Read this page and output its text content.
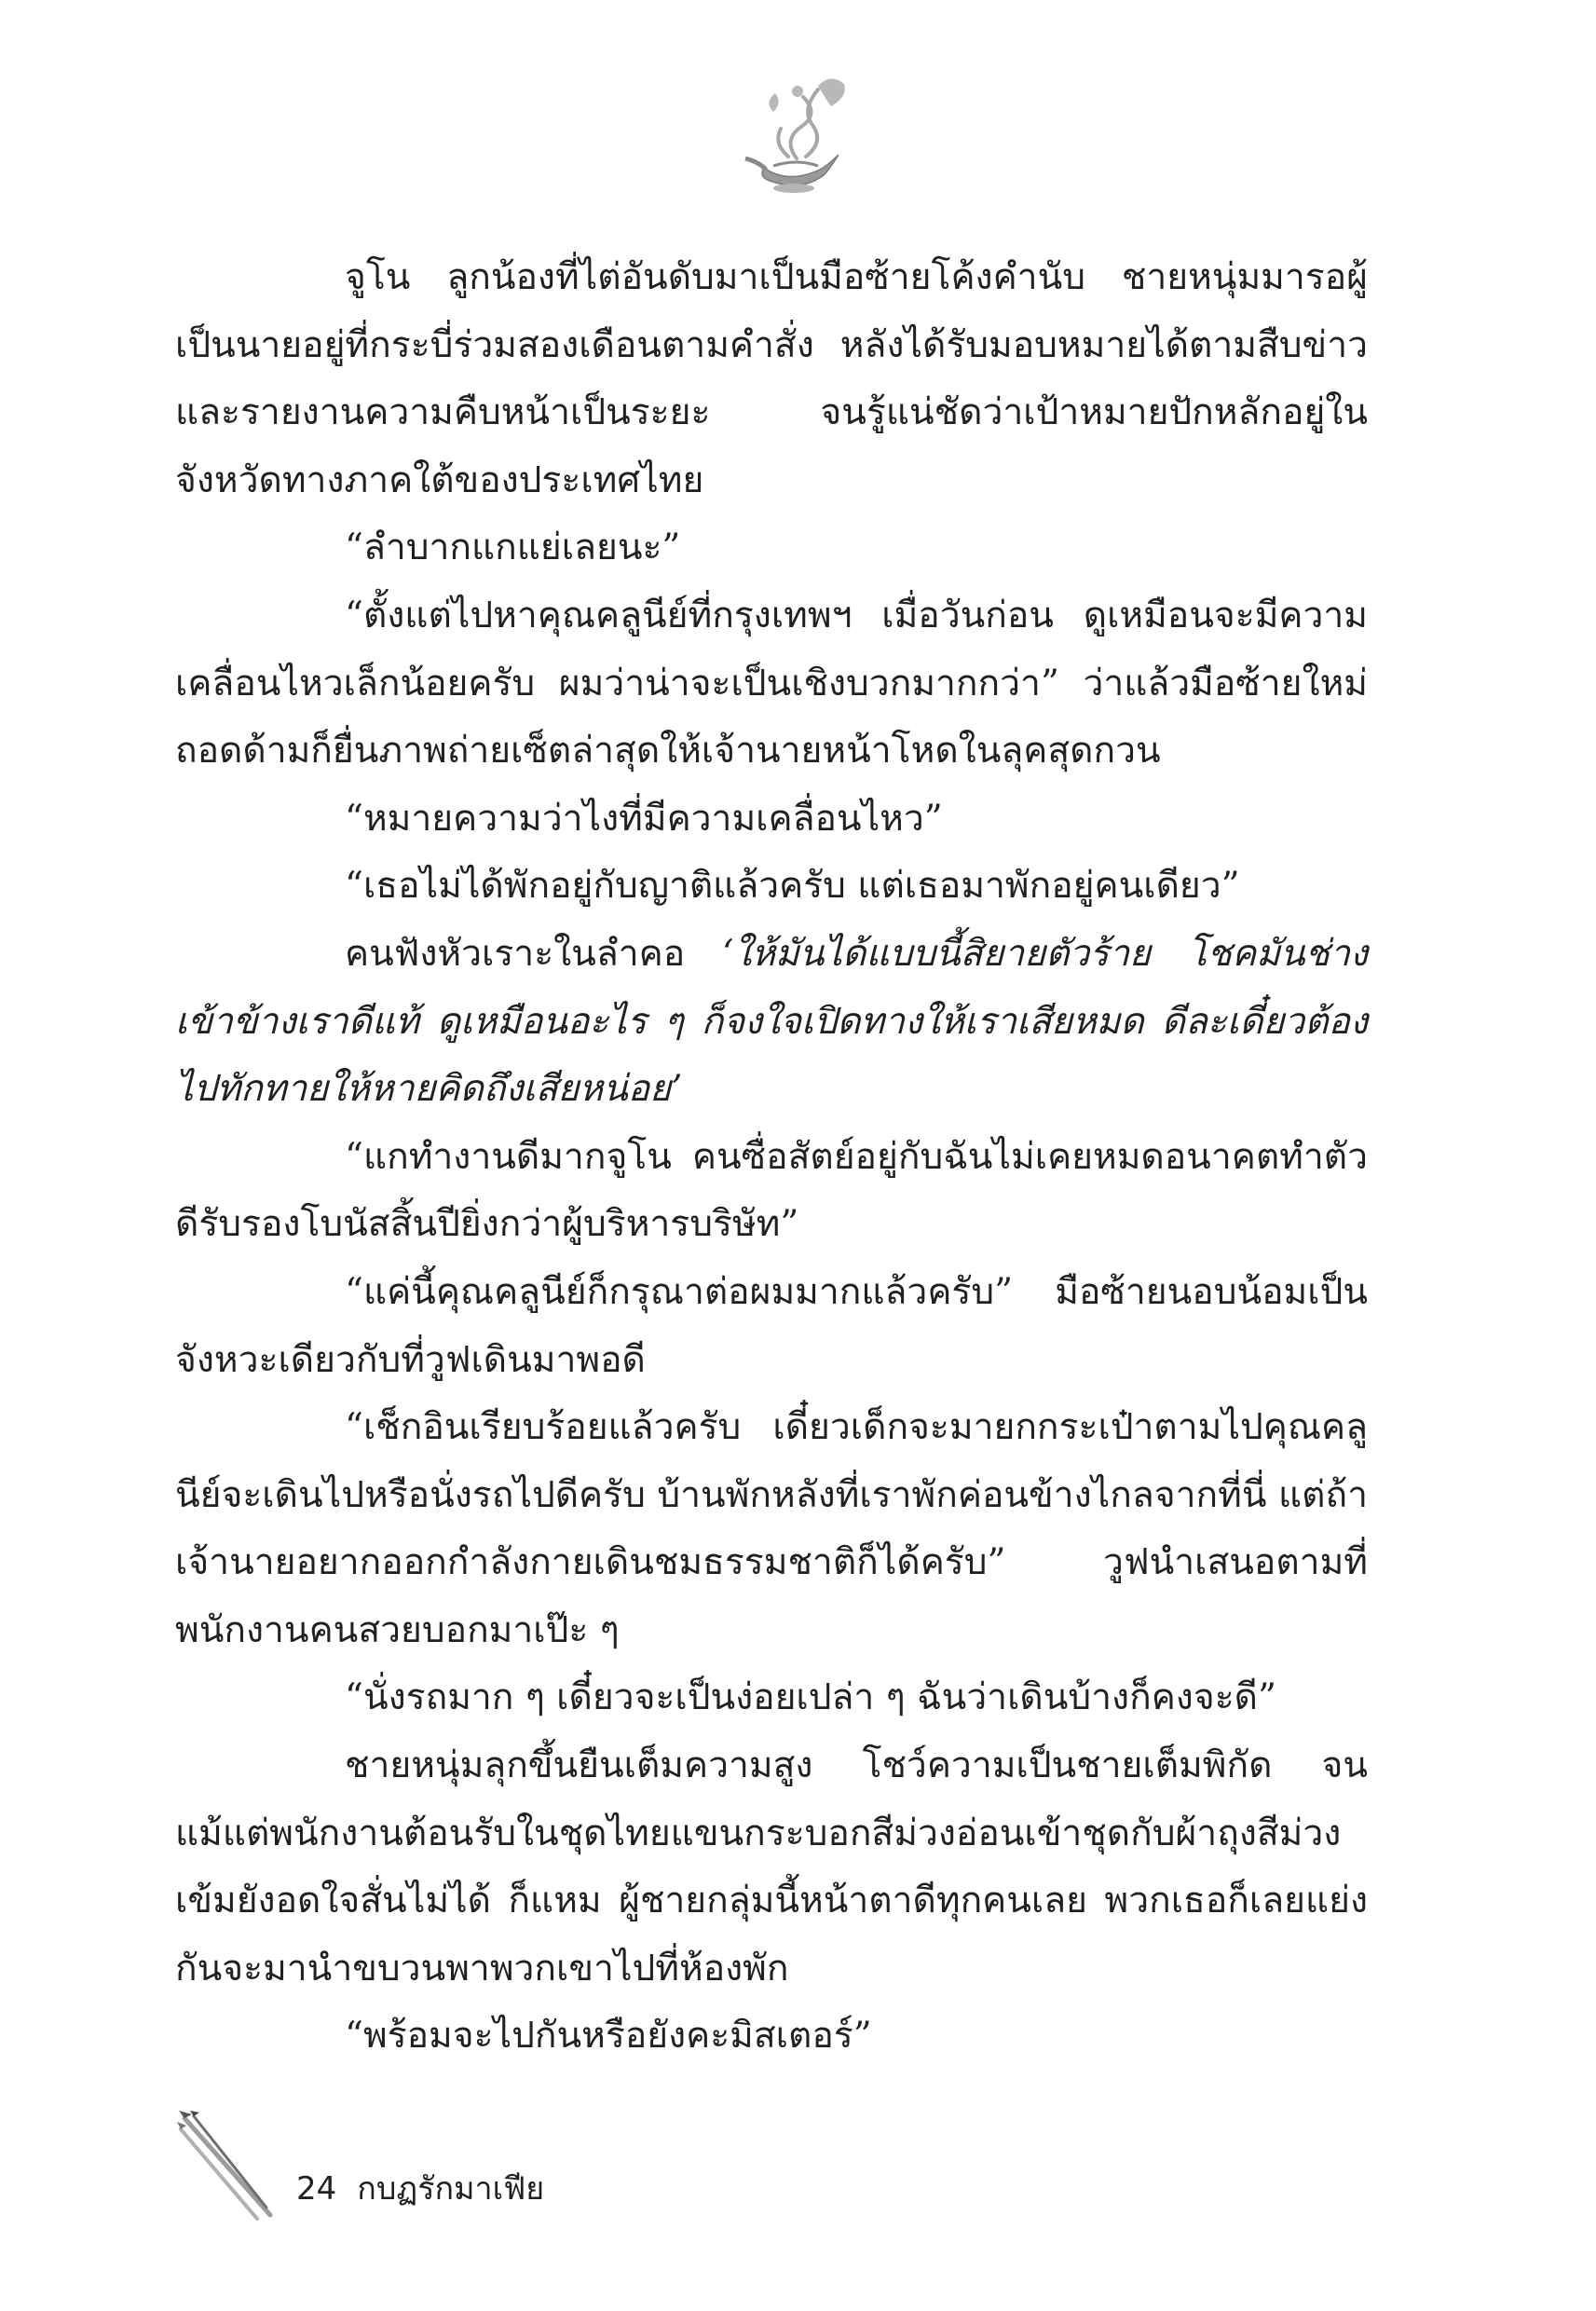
จูโน ลูกน้องที่ไต่อันดับมาเป็นมือซ้ายโค้งคำนับ ชายหนุ่มมารอผู้เป็นนายอยู่ที่กระบี่ร่วมสองเดือนตามคำสั่ง หลังได้รับมอบหมายได้ตามสืบข่าวและรายงานความคืบหน้าเป็นระยะ จนรู้แน่ชัดว่าเป้าหมายปักหลักอยู่ในจังหวัดทางภาคใต้ของประเทศไทย

“ลำบากแกแย่เลยนะ”

“ตั้งแต่ไปหาคุณคลูนีย์ที่กรุงเทพฯ เมื่อวันก่อน ดูเหมือนจะมีความเคลื่อนไหวเล็กน้อยครับ ผมว่าน่าจะเป็นเชิงบวกมากกว่า” ว่าแล้วมือซ้ายใหม่ถอดด้ามก็ยื่นภาพถ่ายเซ็ตล่าสุดให้เจ้านายหน้าโหดในลุคสุดกวน

“หมายความว่าไงที่มีความเคลื่อนไหว”

“เธอไม่ได้พักอยู่กับญาติแล้วครับ แต่เธอมาพักอยู่คนเดียว”

คนฟังหัวเราะในลำคอ ‘ให้มันได้แบบนี้สิยายตัวร้าย โชคมันช่างเข้าข้างเราดีแท้ ดูเหมือนอะไร ๆ ก็จงใจเปิดทางให้เราเสียหมด ดีละเดี๋ยวต้องไปทักทายให้หายคิดถึงเสียหน่อย’

“แกทำงานดีมากจูโน คนซื่อสัตย์อยู่กับฉันไม่เคยหมดอนาคตทำตัวดีรับรองโบนัสสิ้นปียิ่งกว่าผู้บริหารบริษัท”

“แค่นี้คุณคลูนีย์ก็กรุณาต่อผมมากแล้วครับ” มือซ้ายนอบน้อมเป็นจังหวะเดียวกับที่วูฟเดินมาพอดี

“เช็กอินเรียบร้อยแล้วครับ เดี๋ยวเด็กจะมายกกระเป๋าตามไปคุณคลูนีย์จะเดินไปหรือนั่งรถไปดีครับ บ้านพักหลังที่เราพักค่อนข้างไกลจากที่นี่ แต่ถ้าเจ้านายอยากออกกำลังกายเดินชมธรรมชาติก็ได้ครับ” วูฟนำเสนอตามที่พนักงานคนสวยบอกมาเป๊ะ ๆ

“นั่งรถมาก ๆ เดี๋ยวจะเป็นง่อยเปล่า ๆ ฉันว่าเดินบ้างก็คงจะดี”

ชายหนุ่มลุกขึ้นยืนเต็มความสูง โชว์ความเป็นชายเต็มพิกัด จนแม้แต่พนักงานต้อนรับในชุดไทยแขนกระบอกสีม่วงอ่อนเข้าชุดกับผ้าถุงสีม่วงเข้มยังอดใจสั่นไม่ได้ ก็แหม ผู้ชายกลุ่มนี้หน้าตาดีทุกคนเลย พวกเธอก็เลยแย่งกันจะมานำขบวนพาพวกเขาไปที่ห้องพัก

“พร้อมจะไปกันหรือยังคะมิสเตอร์”

24 กบฏรักมาเฟีย
